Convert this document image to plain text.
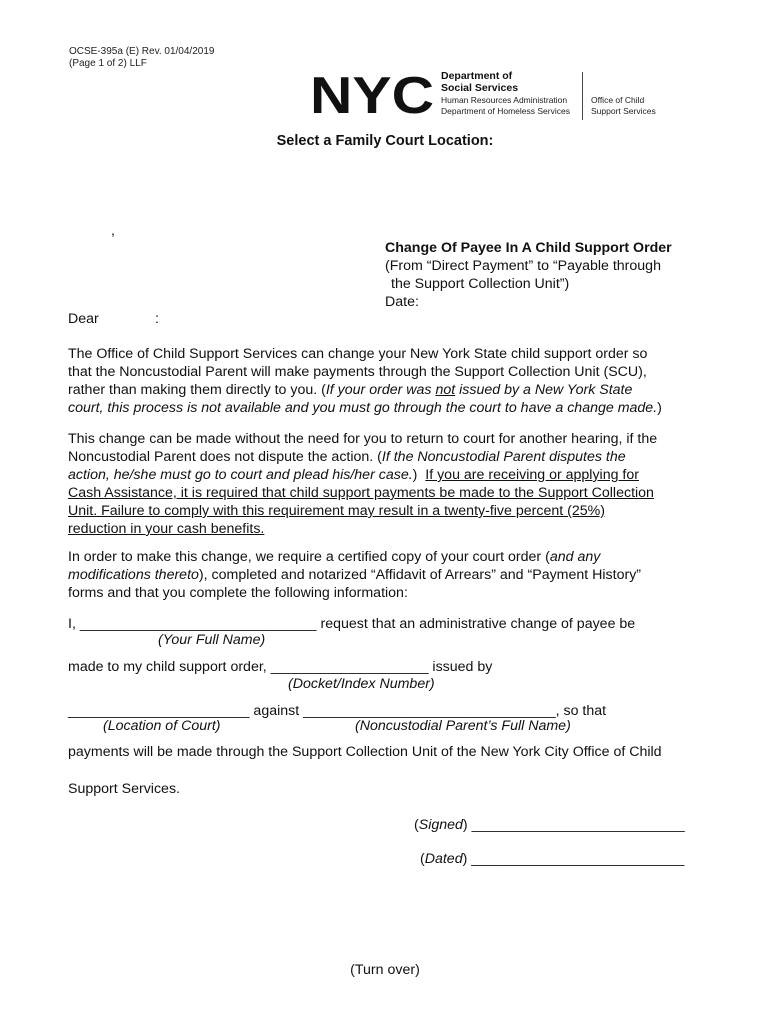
OCSE-395a (E) Rev. 01/04/2019
(Page 1 of 2) LLF
NYC Department of
Social Services
Human Resources Administration
Department of Homeless Services
Office of Child
Support Services
Select a Family Court Location:
,
Change Of Payee In A Child Support Order
(From “Direct Payment” to “Payable through
the Support Collection Unit”)
Date:
Dear	:
The Office of Child Support Services can change your New York State child support order so
that the Noncustodial Parent will make payments through the Support Collection Unit (SCU),
rather than making them directly to you. (If your order was not issued by a New York State
court, this process is not available and you must go through the court to have a change made.)
This change can be made without the need for you to return to court for another hearing, if the
Noncustodial Parent does not dispute the action. (If the Noncustodial Parent disputes the
action, he/she must go to court and plead his/her case.)  If you are receiving or applying for
Cash Assistance, it is required that child support payments be made to the Support Collection
Unit. Failure to comply with this requirement may result in a twenty-five percent (25%)
reduction in your cash benefits.
In order to make this change, we require a certified copy of your court order (and any
modifications thereto), completed and notarized “Affidavit of Arrears” and “Payment History”
forms and that you complete the following information:
I, ______________________________ request that an administrative change of payee be
(Your Full Name)
made to my child support order, ____________________ issued by
(Docket/Index Number)
_______________________ against ________________________________, so that
(Location of Court)	(Noncustodial Parent’s Full Name)
payments will be made through the Support Collection Unit of the New York City Office of Child
Support Services.
(Signed) ___________________________
(Dated) ___________________________
(Turn over)
